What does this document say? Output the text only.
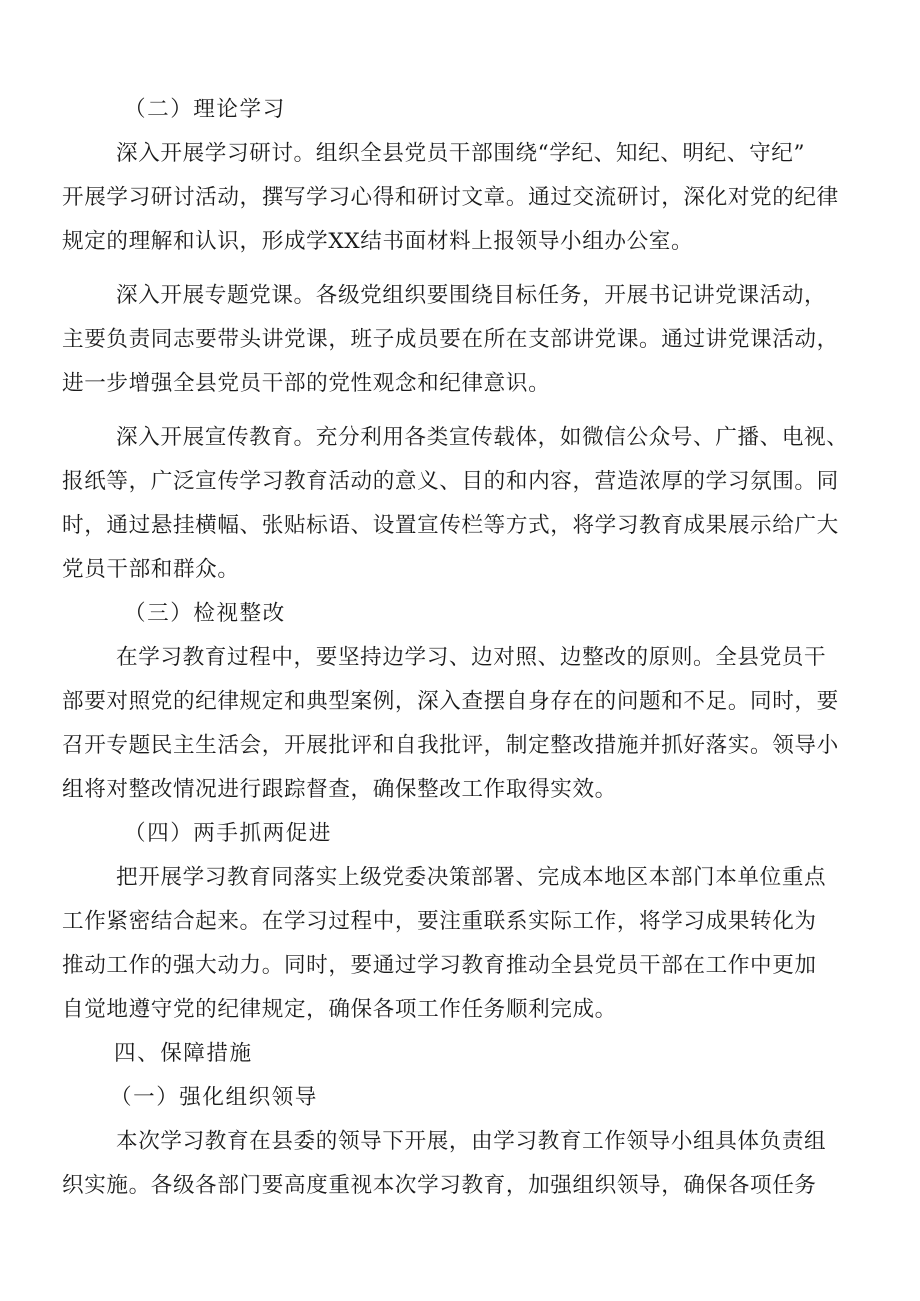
（二）理论学习
深入开展学习研讨。组织全县党员干部围绕“学纪、知纪、明纪、守纪”
开展学习研讨活动，撰写学习心得和研讨文章。通过交流研讨，深化对党的纪律
规定的理解和认识，形成学XX结书面材料上报领导小组办公室。
深入开展专题党课。各级党组织要围绕目标任务，开展书记讲党课活动，
主要负责同志要带头讲党课，班子成员要在所在支部讲党课。通过讲党课活动，
进一步增强全县党员干部的党性观念和纪律意识。
深入开展宣传教育。充分利用各类宣传载体，如微信公众号、广播、电视、
报纸等，广泛宣传学习教育活动的意义、目的和内容，营造浓厚的学习氛围。同
时，通过悬挂横幅、张贴标语、设置宣传栏等方式，将学习教育成果展示给广大
党员干部和群众。
（三）检视整改
在学习教育过程中，要坚持边学习、边对照、边整改的原则。全县党员干
部要对照党的纪律规定和典型案例，深入查摆自身存在的问题和不足。同时，要
召开专题民主生活会，开展批评和自我批评，制定整改措施并抓好落实。领导小
组将对整改情况进行跟踪督查，确保整改工作取得实效。
（四）两手抓两促进
把开展学习教育同落实上级党委决策部署、完成本地区本部门本单位重点
工作紧密结合起来。在学习过程中，要注重联系实际工作，将学习成果转化为
推动工作的强大动力。同时，要通过学习教育推动全县党员干部在工作中更加
自觉地遵守党的纪律规定，确保各项工作任务顺利完成。
四、保障措施
（一）强化组织领导
本次学习教育在县委的领导下开展，由学习教育工作领导小组具体负责组
织实施。各级各部门要高度重视本次学习教育，加强组织领导，确保各项任务
